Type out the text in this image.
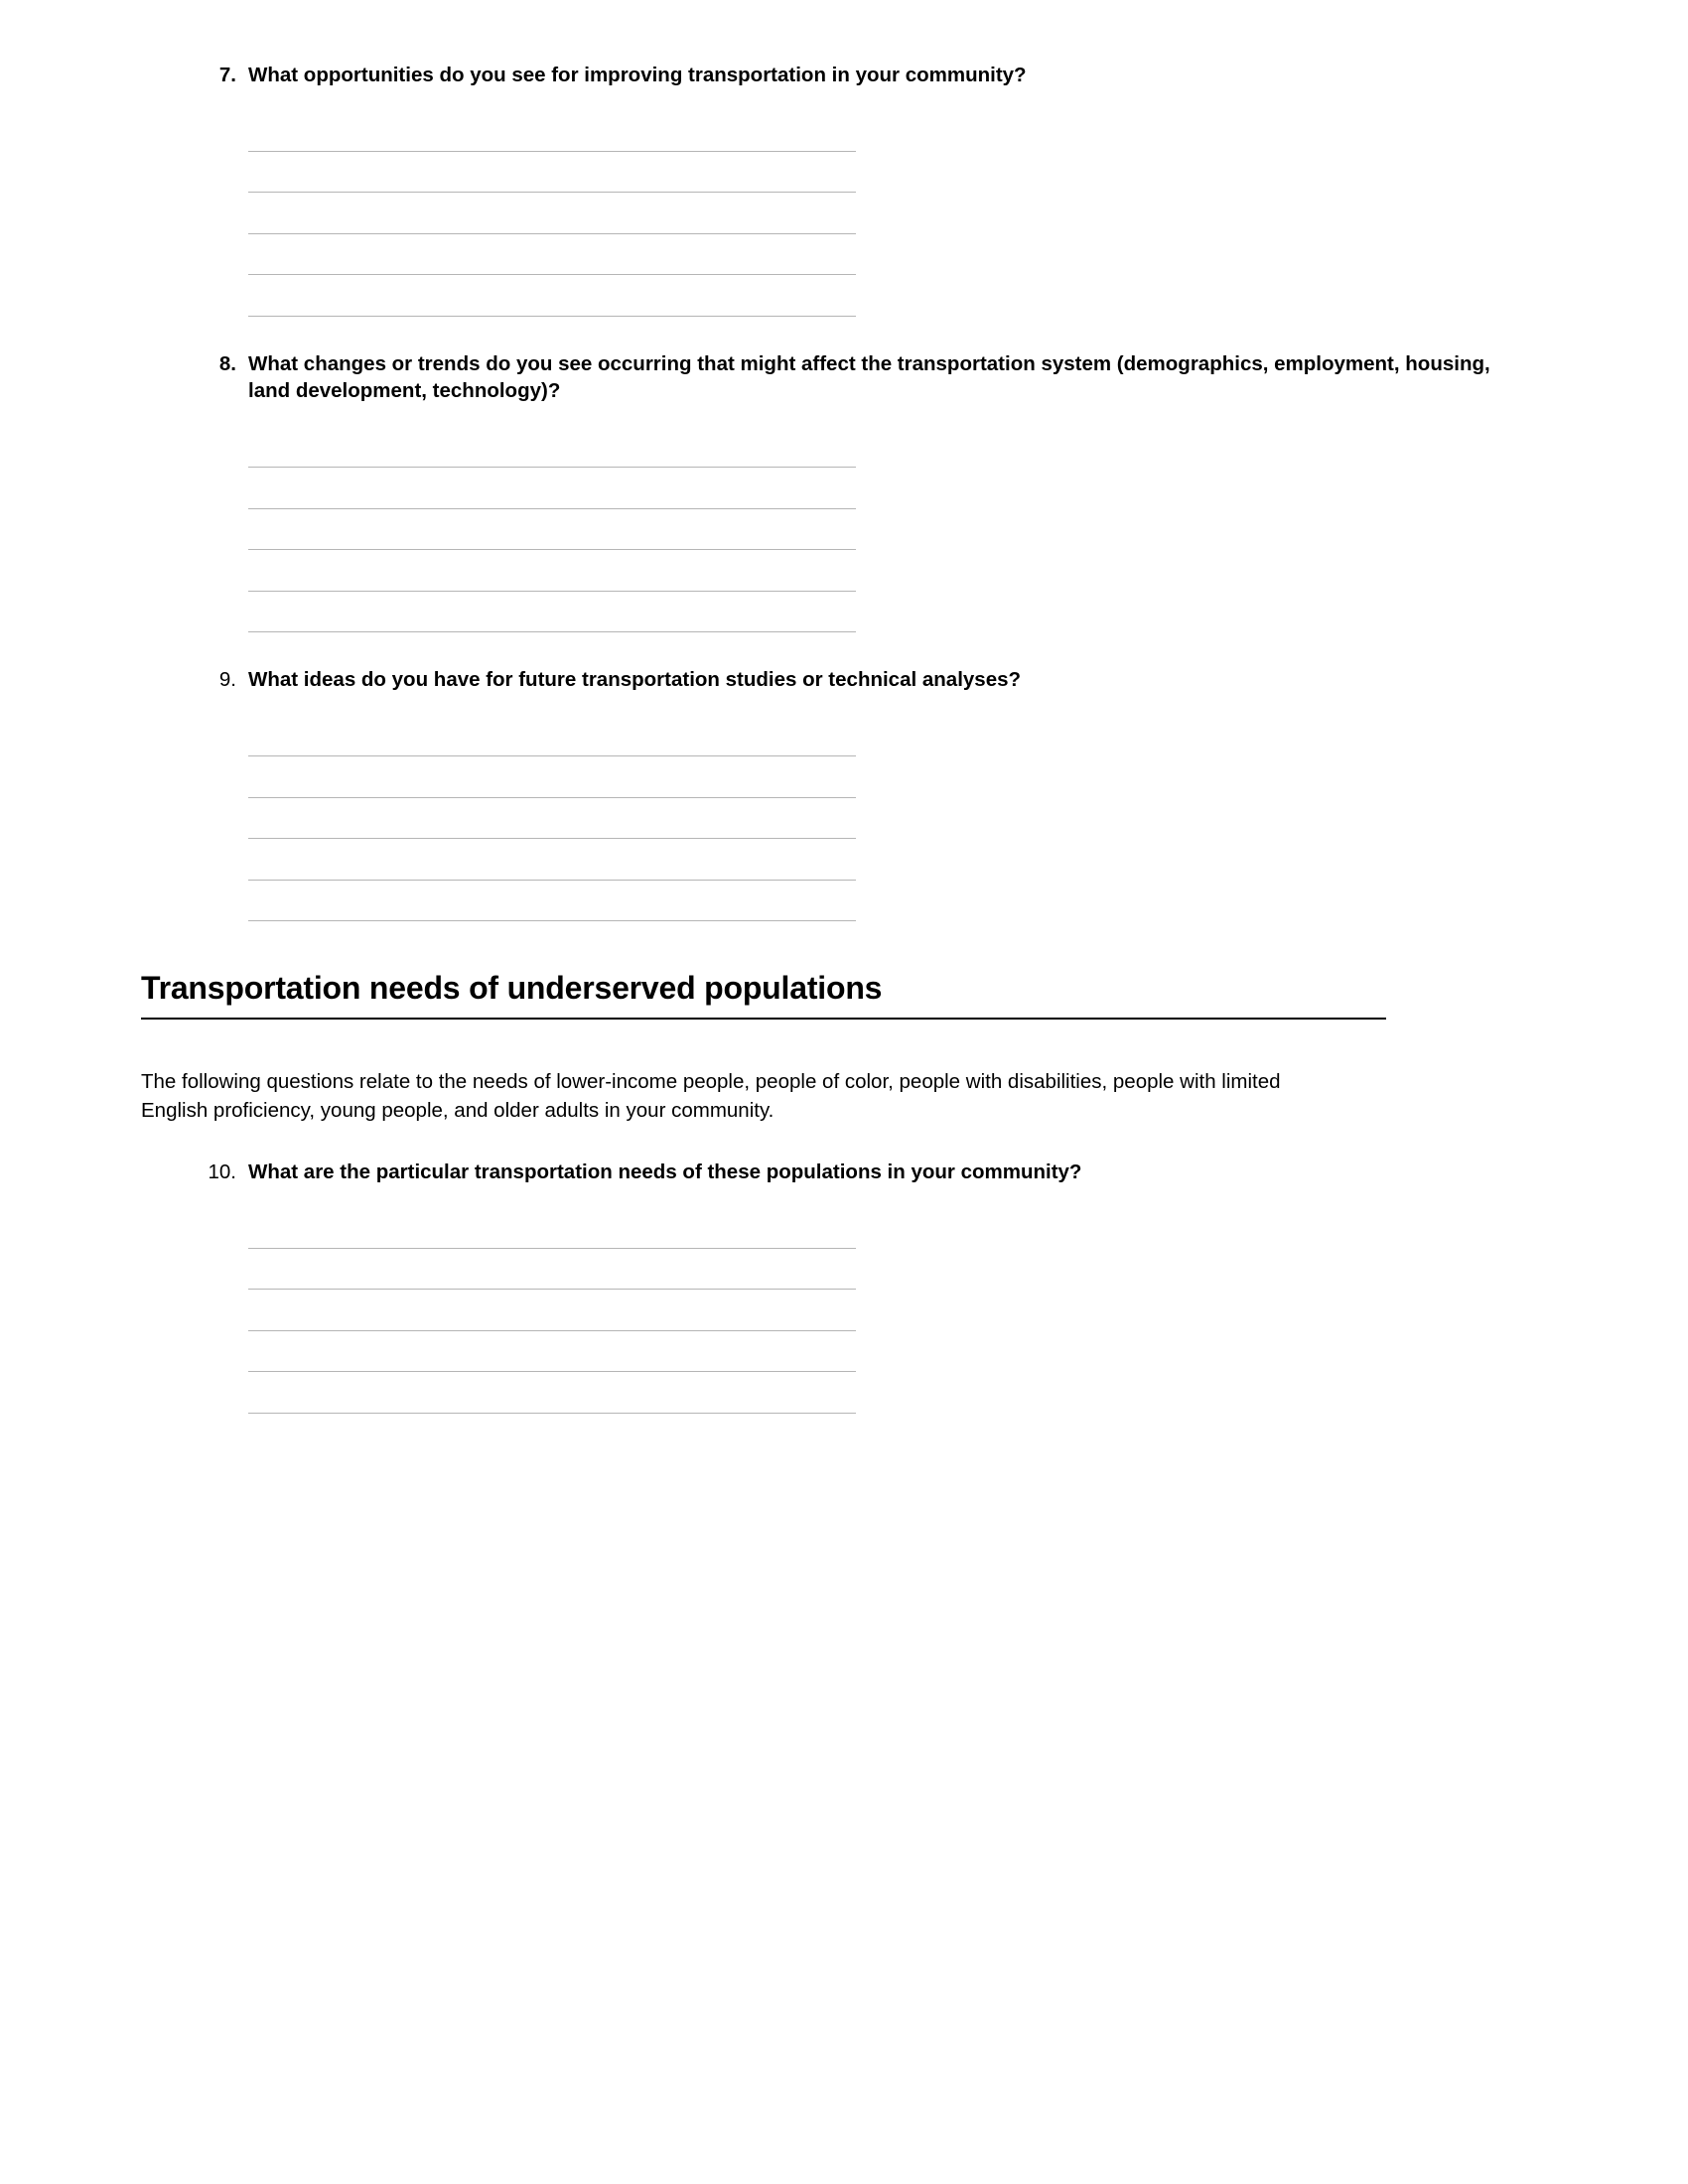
7. What opportunities do you see for improving transportation in your community?
8. What changes or trends do you see occurring that might affect the transportation system (demographics, employment, housing, land development, technology)?
9. What ideas do you have for future transportation studies or technical analyses?
Transportation needs of underserved populations
The following questions relate to the needs of lower-income people, people of color, people with disabilities, people with limited English proficiency, young people, and older adults in your community.
10. What are the particular transportation needs of these populations in your community?
